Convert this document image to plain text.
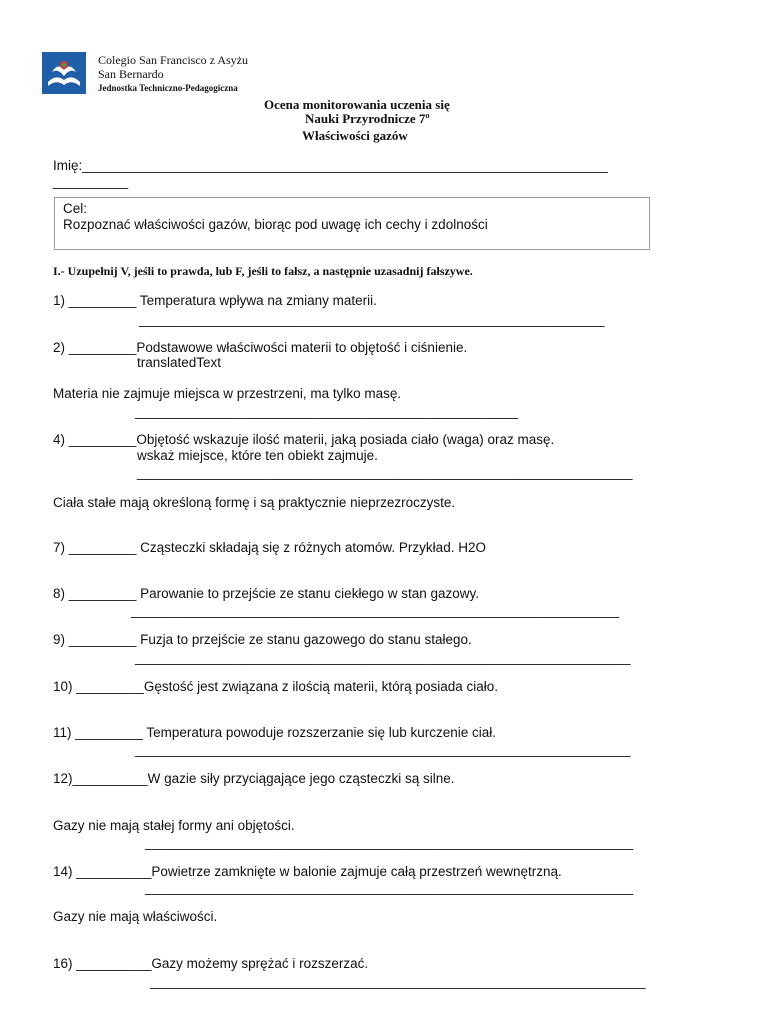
Colegio San Francisco z Asyżu
San Bernardo
Jednostka Techniczno-Pedagogiczna
Ocena monitorowania uczenia się
Nauki Przyrodnicze 7º
Właściwości gazów
Imię:______________________________________________________________________
__________
Cel:
Rozpoznać właściwości gazów, biorąc pod uwagę ich cechy i zdolności
I.- Uzupełnij V, jeśli to prawda, lub F, jeśli to fałsz, a następnie uzasadnij fałszywe.
1) _________ Temperatura wpływa na zmiany materii.
______________________________________________________________
2) _________Podstawowe właściwości materii to objętość i ciśnienie.
translatedText
Materia nie zajmuje miejsca w przestrzeni, ma tylko masę.
___________________________________________________
4) _________Objętość wskazuje ilość materii, jaką posiada ciało (waga) oraz masę.
wskaż miejsce, które ten obiekt zajmuje.
__________________________________________________________________
Ciała stałe mają określoną formę i są praktycznie nieprzezroczyste.
7) _________ Cząsteczki składają się z różnych atomów. Przykład. H2O
8) _________ Parowanie to przejście ze stanu ciekłego w stan gazowy.
_________________________________________________________________
9) _________ Fuzja to przejście ze stanu gazowego do stanu stałego.
__________________________________________________________________
10) _________Gęstość jest związana z ilością materii, którą posiada ciało.
11) _________ Temperatura powoduje rozszerzanie się lub kurczenie ciał.
__________________________________________________________________
12)__________W gazie siły przyciągające jego cząsteczki są silne.
Gazy nie mają stałej formy ani objętości.
_________________________________________________________________
14) __________Powietrze zamknięte w balonie zajmuje całą przestrzeń wewnętrzną.
_________________________________________________________________
Gazy nie mają właściwości.
16) __________Gazy możemy sprężać i rozszerzać.
__________________________________________________________________
